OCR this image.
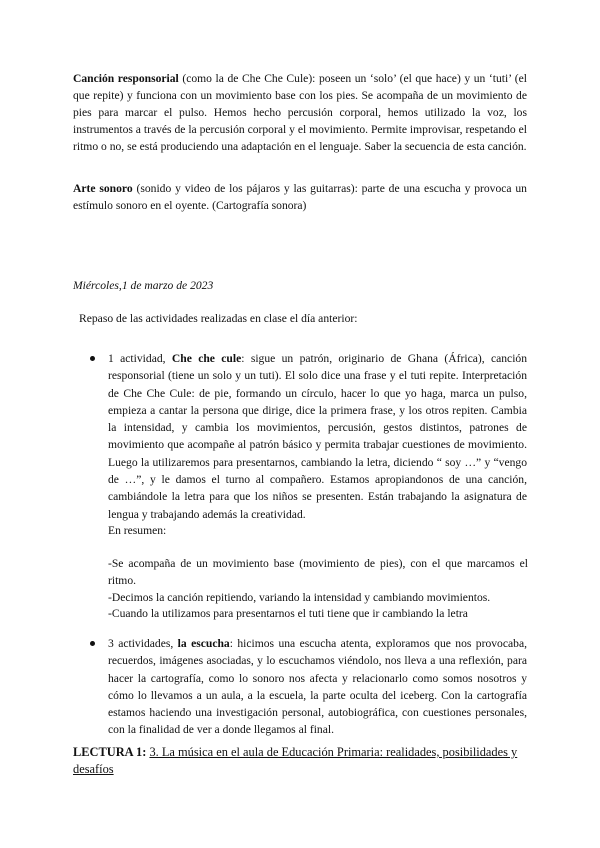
Canción responsorial (como la de Che Che Cule): poseen un ‘solo’ (el que hace) y un ‘tuti’ (el que repite) y funciona con un movimiento base con los pies. Se acompaña de un movimiento de pies para marcar el pulso. Hemos hecho percusión corporal, hemos utilizado la voz, los instrumentos a través de la percusión corporal y el movimiento. Permite improvisar, respetando el ritmo o no, se está produciendo una adaptación en el lenguaje. Saber la secuencia de esta canción.

Arte sonoro (sonido y video de los pájaros y las guitarras): parte de una escucha y provoca un estímulo sonoro en el oyente. (Cartografía sonora)

Miércoles,1 de marzo de 2023
Repaso de las actividades realizadas en clase el día anterior:

1 actividad, Che che cule: sigue un patrón, originario de Ghana (África), canción responsorial (tiene un solo y un tuti). El solo dice una frase y el tuti repite. Interpretación de Che Che Cule: de pie, formando un círculo, hacer lo que yo haga, marca un pulso, empieza a cantar la persona que dirige, dice la primera frase, y los otros repiten. Cambia la intensidad, y cambia los movimientos, percusión, gestos distintos, patrones de movimiento que acompañe al patrón básico y permita trabajar cuestiones de movimiento. Luego la utilizaremos para presentarnos, cambiando la letra, diciendo “ soy …” y “vengo de …”, y le damos el turno al compañero. Estamos apropiandonos de una canción, cambiándole la letra para que los niños se presenten. Están trabajando la asignatura de lengua y trabajando además la creatividad.

En resumen:
-Se acompaña de un movimiento base (movimiento de pies), con el que marcamos el ritmo.
-Decimos la canción repitiendo, variando la intensidad y cambiando movimientos.
-Cuando la utilizamos para presentarnos el tuti tiene que ir cambiando la letra

3 actividades, la escucha: hicimos una escucha atenta, exploramos que nos provocaba, recuerdos, imágenes asociadas, y lo escuchamos viéndolo, nos lleva a una reflexión, para hacer la cartografía, como lo sonoro nos afecta y relacionarlo como somos nosotros y cómo lo llevamos a un aula, a la escuela, la parte oculta del iceberg. Con la cartografía estamos haciendo una investigación personal, autobiográfica, con cuestiones personales, con la finalidad de ver a donde llegamos al final.

LECTURA 1: 3. La música en el aula de Educación Primaria: realidades, posibilidades y desafíos
